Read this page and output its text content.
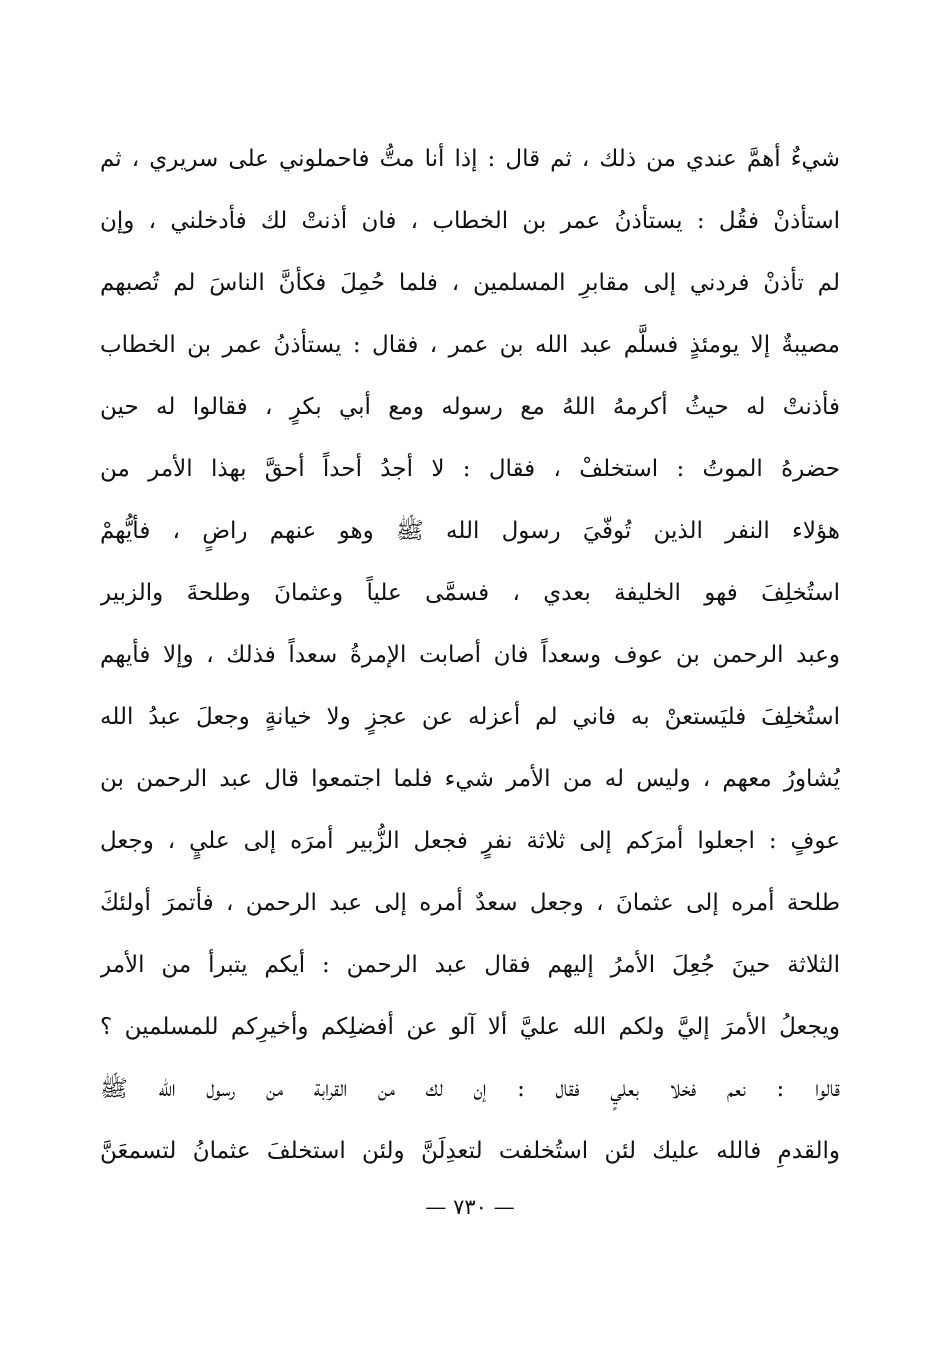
شيءٌ أهمَّ عندي من ذلك ، ثم قال : إذا أنا متُّ فاحملوني على سريري ، ثم
استأذنْ فقُل : يستأذنُ عمر بن الخطاب ، فان أذنتْ لك فأدخلني ، وإن
لم تأذنْ فردني إلى مقابرِ المسلمين ، فلما حُمِلَ فكأنَّ الناسَ لم تُصبهم
مصيبةٌ إلا يومئذٍ فسلَّم عبد الله بن عمر ، فقال : يستأذنُ عمر بن الخطاب
فأذنتْ له حيثُ أكرمهُ اللهُ مع رسوله ومع أبي بكرٍ ، فقالوا له حين
حضرهُ الموتُ : استخلفْ ، فقال : لا أجدُ أحداً أحقَّ بهذا الأمر من
هؤلاء النفر الذين تُوفّيَ رسول الله ﷺ وهو عنهم راضٍ ، فأيُّهمْ
استُخلِفَ فهو الخليفة بعدي ، فسمَّى علياً وعثمانَ وطلحةَ والزبير
وعبد الرحمن بن عوف وسعداً فان أصابت الإمرةُ سعداً فذلك ، وإلا فأيهم
استُخلِفَ فليَستعنْ به فاني لم أعزله عن عجزٍ ولا خيانةٍ وجعلَ عبدُ الله
يُشاورُ معهم ، وليس له من الأمر شيء فلما اجتمعوا قال عبد الرحمن بن
عوفٍ : اجعلوا أمرَكم إلى ثلاثة نفرٍ فجعل الزُّبير أمرَه إلى عليٍ ، وجعل
طلحة أمره إلى عثمانَ ، وجعل سعدٌ أمره إلى عبد الرحمن ، فأتمرَ أولئكَ
الثلاثة حينَ جُعِلَ الأمرُ إليهم فقال عبد الرحمن : أيكم يتبرأ من الأمر
ويجعلُ الأمرَ إليَّ ولكم الله عليَّ ألا آلو عن أفضلِكم وأخيرِكم للمسلمين ؟
قالوا : نعم فخلا بعليٍ فقال : إن لك من القرابة من رسول الله ﷺ
والقدمِ فالله عليك لئن استُخلفت لتعدِلَنَّ ولئن استخلفَ عثمانُ لتسمعَنَّ
— ٧٣٠ —
